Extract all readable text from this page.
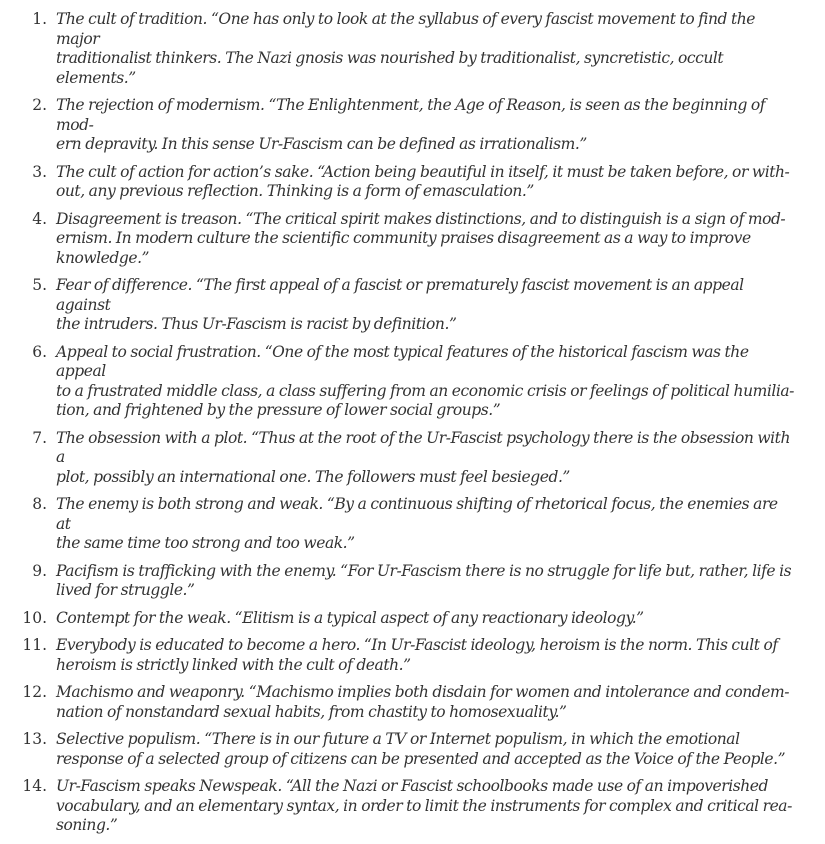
1. The cult of tradition. “One has only to look at the syllabus of every fascist movement to find the major
traditionalist thinkers. The Nazi gnosis was nourished by traditionalist, syncretistic, occult elements.”
2. The rejection of modernism. “The Enlightenment, the Age of Reason, is seen as the beginning of mod-
ern depravity. In this sense Ur-Fascism can be defined as irrationalism.”
3. The cult of action for action’s sake. “Action being beautiful in itself, it must be taken before, or with-
out, any previous reflection. Thinking is a form of emasculation.”
4. Disagreement is treason. “The critical spirit makes distinctions, and to distinguish is a sign of mod-
ernism. In modern culture the scientific community praises disagreement as a way to improve
knowledge.”
5. Fear of difference. “The first appeal of a fascist or prematurely fascist movement is an appeal against
the intruders. Thus Ur-Fascism is racist by definition.”
6. Appeal to social frustration. “One of the most typical features of the historical fascism was the appeal
to a frustrated middle class, a class suffering from an economic crisis or feelings of political humilia-
tion, and frightened by the pressure of lower social groups.”
7. The obsession with a plot. “Thus at the root of the Ur-Fascist psychology there is the obsession with a
plot, possibly an international one. The followers must feel besieged.”
8. The enemy is both strong and weak. “By a continuous shifting of rhetorical focus, the enemies are at
the same time too strong and too weak.”
9. Pacifism is trafficking with the enemy. “For Ur-Fascism there is no struggle for life but, rather, life is
lived for struggle.”
10. Contempt for the weak. “Elitism is a typical aspect of any reactionary ideology.”
11. Everybody is educated to become a hero. “In Ur-Fascist ideology, heroism is the norm. This cult of
heroism is strictly linked with the cult of death.”
12. Machismo and weaponry. “Machismo implies both disdain for women and intolerance and condem-
nation of nonstandard sexual habits, from chastity to homosexuality.”
13. Selective populism. “There is in our future a TV or Internet populism, in which the emotional
response of a selected group of citizens can be presented and accepted as the Voice of the People.”
14. Ur-Fascism speaks Newspeak. “All the Nazi or Fascist schoolbooks made use of an impoverished
vocabulary, and an elementary syntax, in order to limit the instruments for complex and critical rea-
soning.”
